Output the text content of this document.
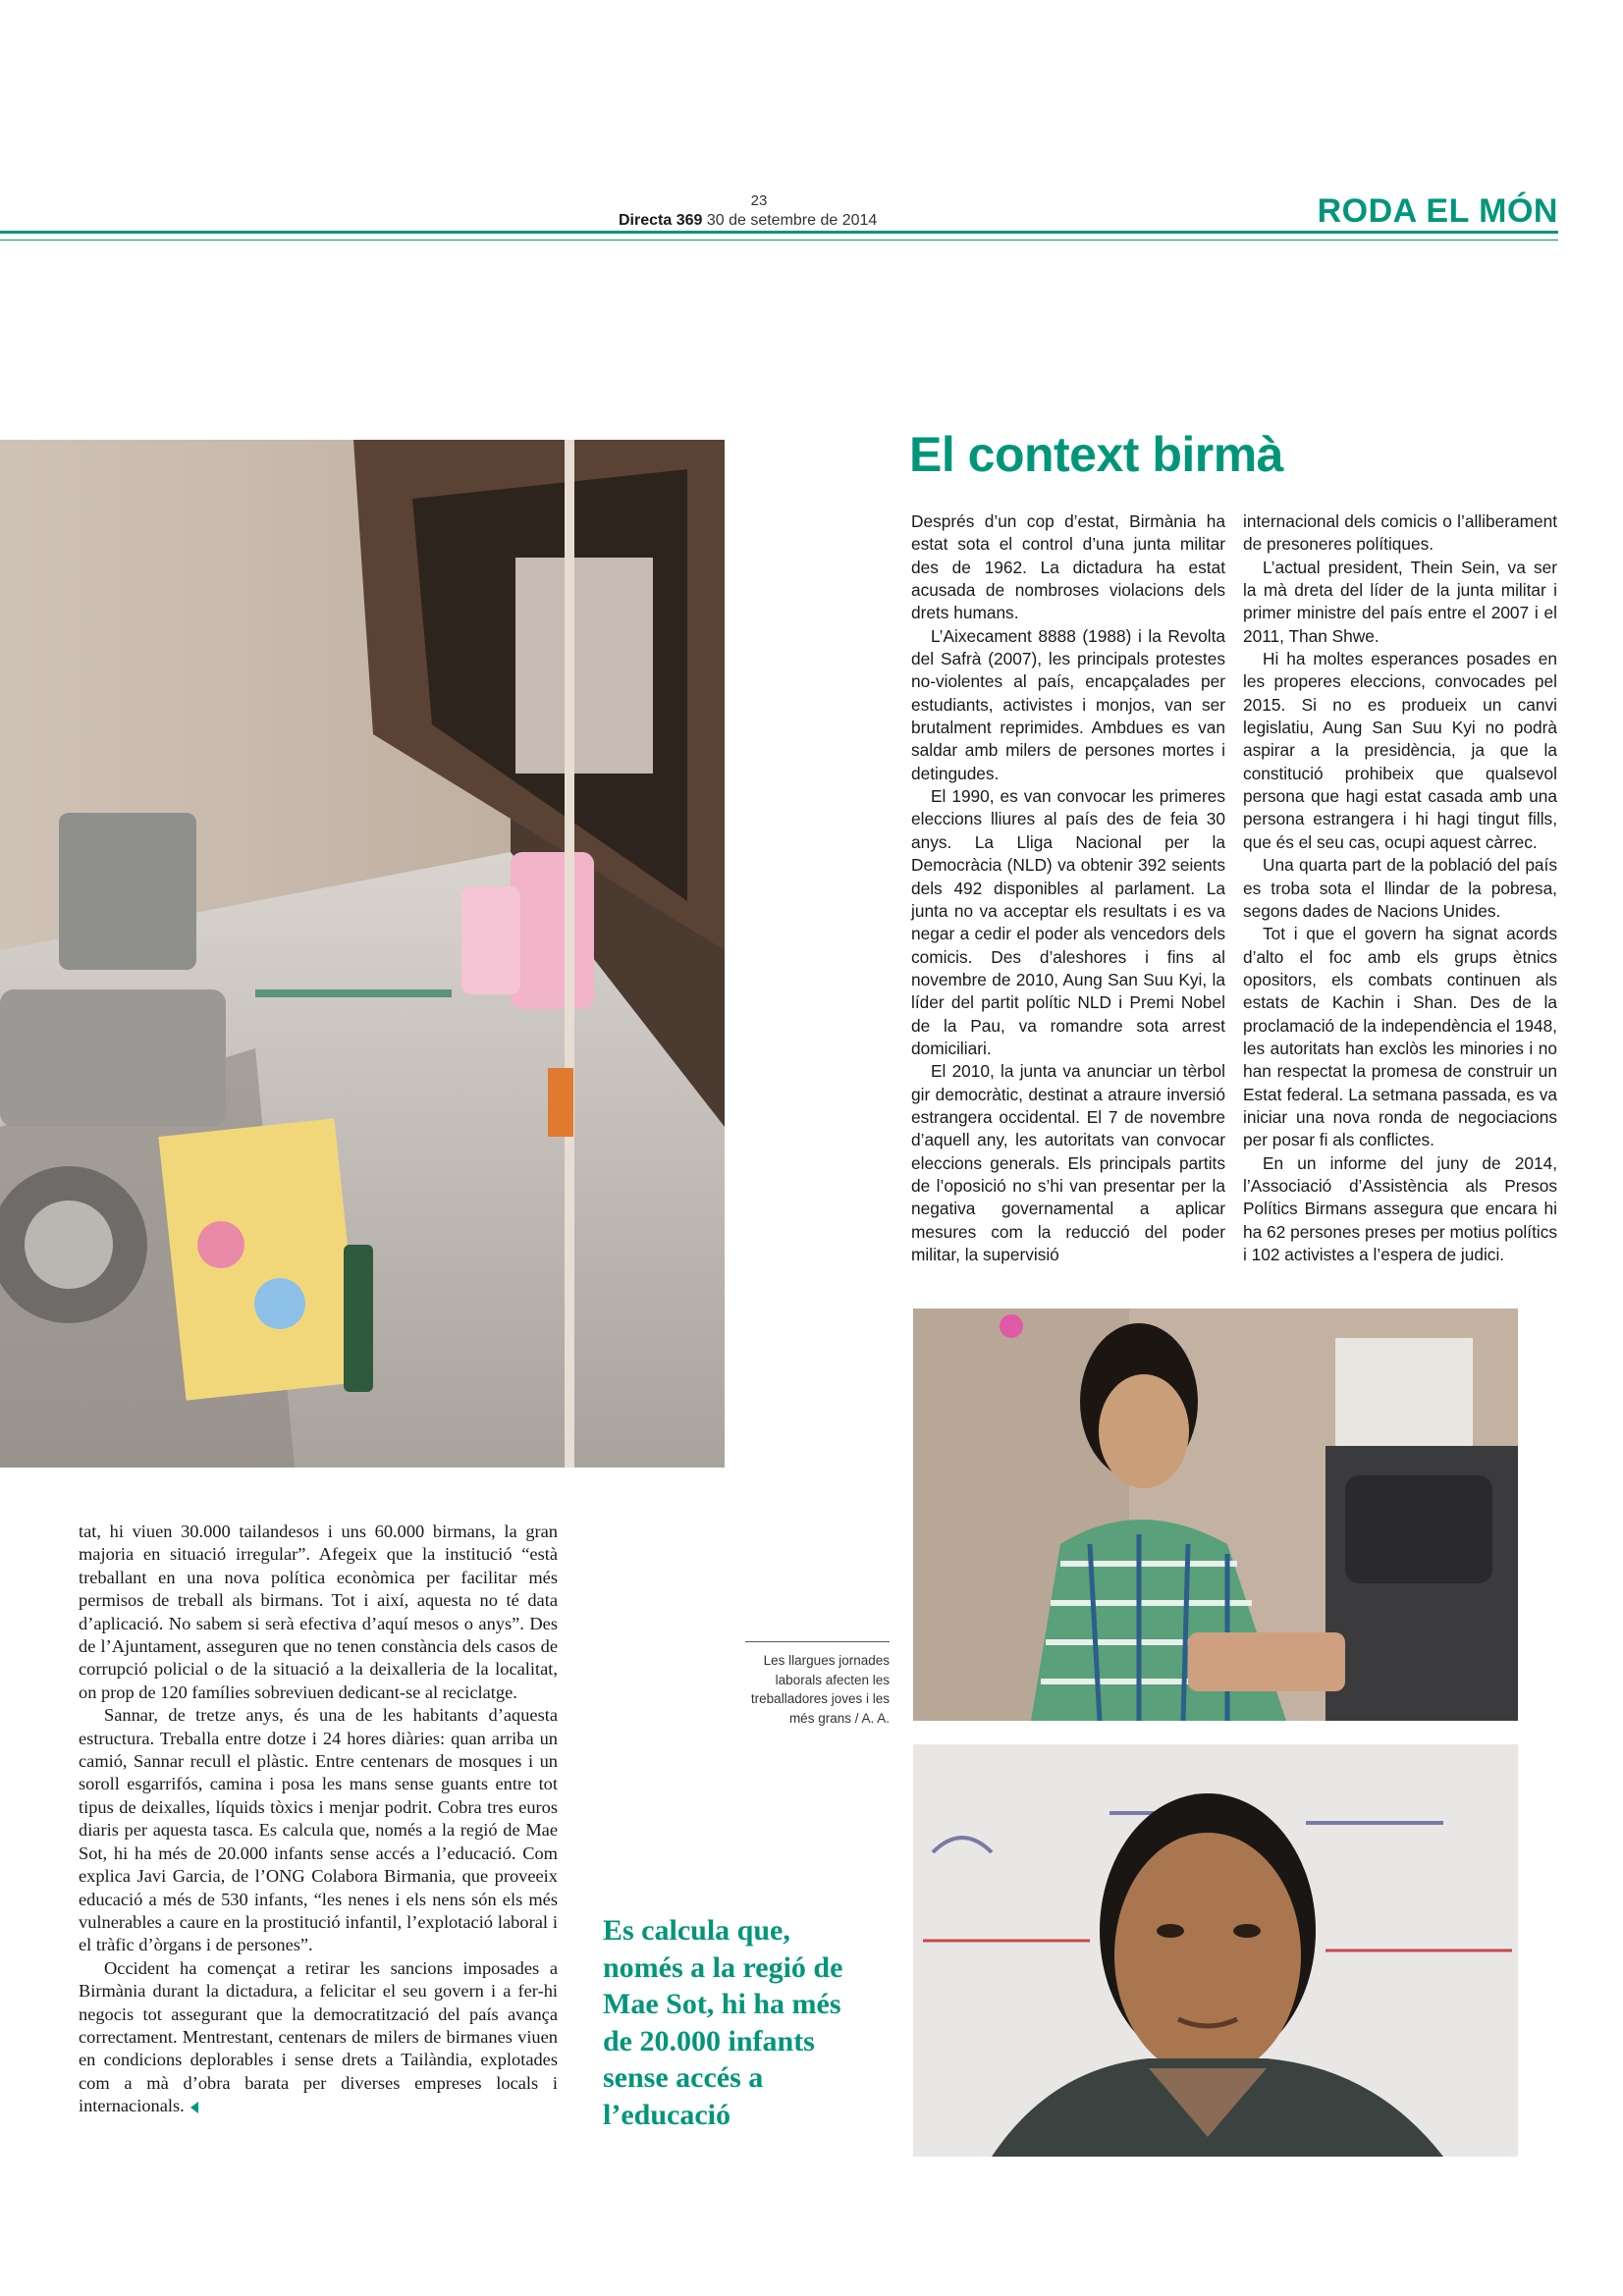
23
Directa 369 30 de setembre de 2014	RODA EL MÓN
El context birmà

Després d’un cop d’estat, Birmània ha estat sota el control d’una junta militar des de 1962. La dictadura ha estat acusada de nombroses violacions dels drets humans.

L’Aixecament 8888 (1988) i la Revolta del Safrà (2007), les principals protestes no-violentes al país, encapçalades per estudiants, activistes i monjos, van ser brutalment reprimides. Ambdues es van saldar amb milers de persones mortes i detingudes.

El 1990, es van convocar les primeres eleccions lliures al país des de feia 30 anys. La Lliga Nacional per la Democràcia (NLD) va obtenir 392 seients dels 492 disponibles al parlament. La junta no va acceptar els resultats i es va negar a cedir el poder als vencedors dels comicis. Des d’aleshores i fins al novembre de 2010, Aung San Suu Kyi, la líder del partit polític NLD i Premi Nobel de la Pau, va romandre sota arrest domiciliari.

El 2010, la junta va anunciar un tèrbol gir democràtic, destinat a atraure inversió estrangera occidental. El 7 de novembre d’aquell any, les autoritats van convocar eleccions generals. Els principals partits de l’oposició no s’hi van presentar per la negativa governamental a aplicar mesures com la reducció del poder militar, la supervisió

internacional dels comicis o l’alliberament de presoneres polítiques.

L’actual president, Thein Sein, va ser la mà dreta del líder de la junta militar i primer ministre del país entre el 2007 i el 2011, Than Shwe.

Hi ha moltes esperances posades en les properes eleccions, convocades pel 2015. Si no es produeix un canvi legislatiu, Aung San Suu Kyi no podrà aspirar a la presidència, ja que la constitució prohibeix que qualsevol persona que hagi estat casada amb una persona estrangera i hi hagi tingut fills, que és el seu cas, ocupi aquest càrrec.

Una quarta part de la població del país es troba sota el llindar de la pobresa, segons dades de Nacions Unides.

Tot i que el govern ha signat acords d’alto el foc amb els grups ètnics opositors, els combats continuen als estats de Kachin i Shan. Des de la proclamació de la independència el 1948, les autoritats han exclòs les minories i no han respectat la promesa de construir un Estat federal. La setmana passada, es va iniciar una nova ronda de negociacions per posar fi als conflictes.

En un informe del juny de 2014, l’Associació d’Assistència als Presos Polítics Birmans assegura que encara hi ha 62 persones preses per motius polítics i 102 activistes a l’espera de judici.

Les llargues jornades laborals afecten les treballadores joves i les més grans / A. A.

tat, hi viuen 30.000 tailandesos i uns 60.000 birmans, la gran majoria en situació irregular”. Afegeix que la institució “està treballant en una nova política econòmica per facilitar més permisos de treball als birmans. Tot i així, aquesta no té data d’aplicació. No sabem si serà efectiva d’aquí mesos o anys”. Des de l’Ajuntament, asseguren que no tenen constància dels casos de corrupció policial o de la situació a la deixalleria de la localitat, on prop de 120 famílies sobreviuen dedicant-se al reciclatge.

Sannar, de tretze anys, és una de les habitants d’aquesta estructura. Treballa entre dotze i 24 hores diàries: quan arriba un camió, Sannar recull el plàstic. Entre centenars de mosques i un soroll esgarrifós, camina i posa les mans sense guants entre tot tipus de deixalles, líquids tòxics i menjar podrit. Cobra tres euros diaris per aquesta tasca. Es calcula que, només a la regió de Mae Sot, hi ha més de 20.000 infants sense accés a l’educació. Com explica Javi Garcia, de l’ONG Colabora Birmania, que proveeix educació a més de 530 infants, “les nenes i els nens són els més vulnerables a caure en la prostitució infantil, l’explotació laboral i el tràfic d’òrgans i de persones”.

Occident ha començat a retirar les sancions imposades a Birmània durant la dictadura, a felicitar el seu govern i a fer-hi negocis tot assegurant que la democratització del país avança correctament. Mentrestant, centenars de milers de birmanes viuen en condicions deplorables i sense drets a Tailàndia, explotades com a mà d’obra barata per diverses empreses locals i internacionals.

Es calcula que, només a la regió de Mae Sot, hi ha més de 20.000 infants sense accés a l’educació
